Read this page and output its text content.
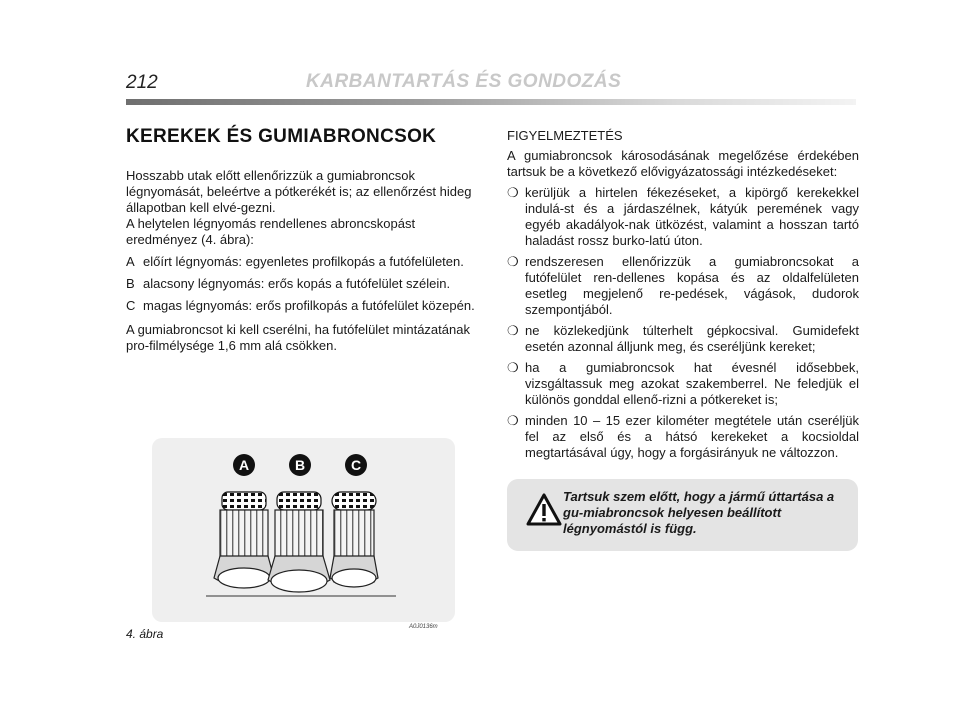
212	KARBANTARTÁS ÉS GONDOZÁS
KEREKEK ÉS GUMIABRONCSOK

Hosszabb utak előtt ellenőrizzük a gumiabroncsok légnyomását, beleértve a pótkerékét is; az ellenőrzést hideg állapotban kell elvé-gezni.

A helytelen légnyomás rendellenes abroncskopást eredményez (4. ábra):

A előírt légnyomás: egyenletes profilkopás a futófelületen.
B alacsony légnyomás: erős kopás a futófelület szélein.
C magas légnyomás: erős profilkopás a futófelület közepén.

A gumiabroncsot ki kell cserélni, ha futófelület mintázatának pro-filmélysége 1,6 mm alá csökken.

A	B	C
4. ábra	A0J0136m

FIGYELMEZTETÉS

A gumiabroncsok károsodásának megelőzése érdekében tartsuk be a következő elővigyázatossági intézkedéseket:

❍ kerüljük a hirtelen fékezéseket, a kipörgő kerekekkel indulá-st és a járdaszélnek, kátyúk peremének vagy egyéb akadályok-nak ütközést, valamint a hosszan tartó haladást rossz burko-latú úton.
❍ rendszeresen ellenőrizzük a gumiabroncsokat a futófelület ren-dellenes kopása és az oldalfelületen esetleg megjelenő re-pedések, vágások, dudorok szempontjából.
❍ ne közlekedjünk túlterhelt gépkocsival. Gumidefekt esetén azonnal álljunk meg, és cseréljünk kereket;
❍ ha a gumiabroncsok hat évesnél idősebbek, vizsgáltassuk meg azokat szakemberrel. Ne feledjük el különös gonddal ellenő-rizni a pótkereket is;
❍ minden 10 – 15 ezer kilométer megtétele után cseréljük fel az első és a hátsó kerekeket a kocsioldal megtartásával úgy, hogy a forgásirányuk ne változzon.
Tartsuk szem előtt, hogy a jármű úttartása a gu-miabroncsok helyesen beállított légnyomástól is függ.
